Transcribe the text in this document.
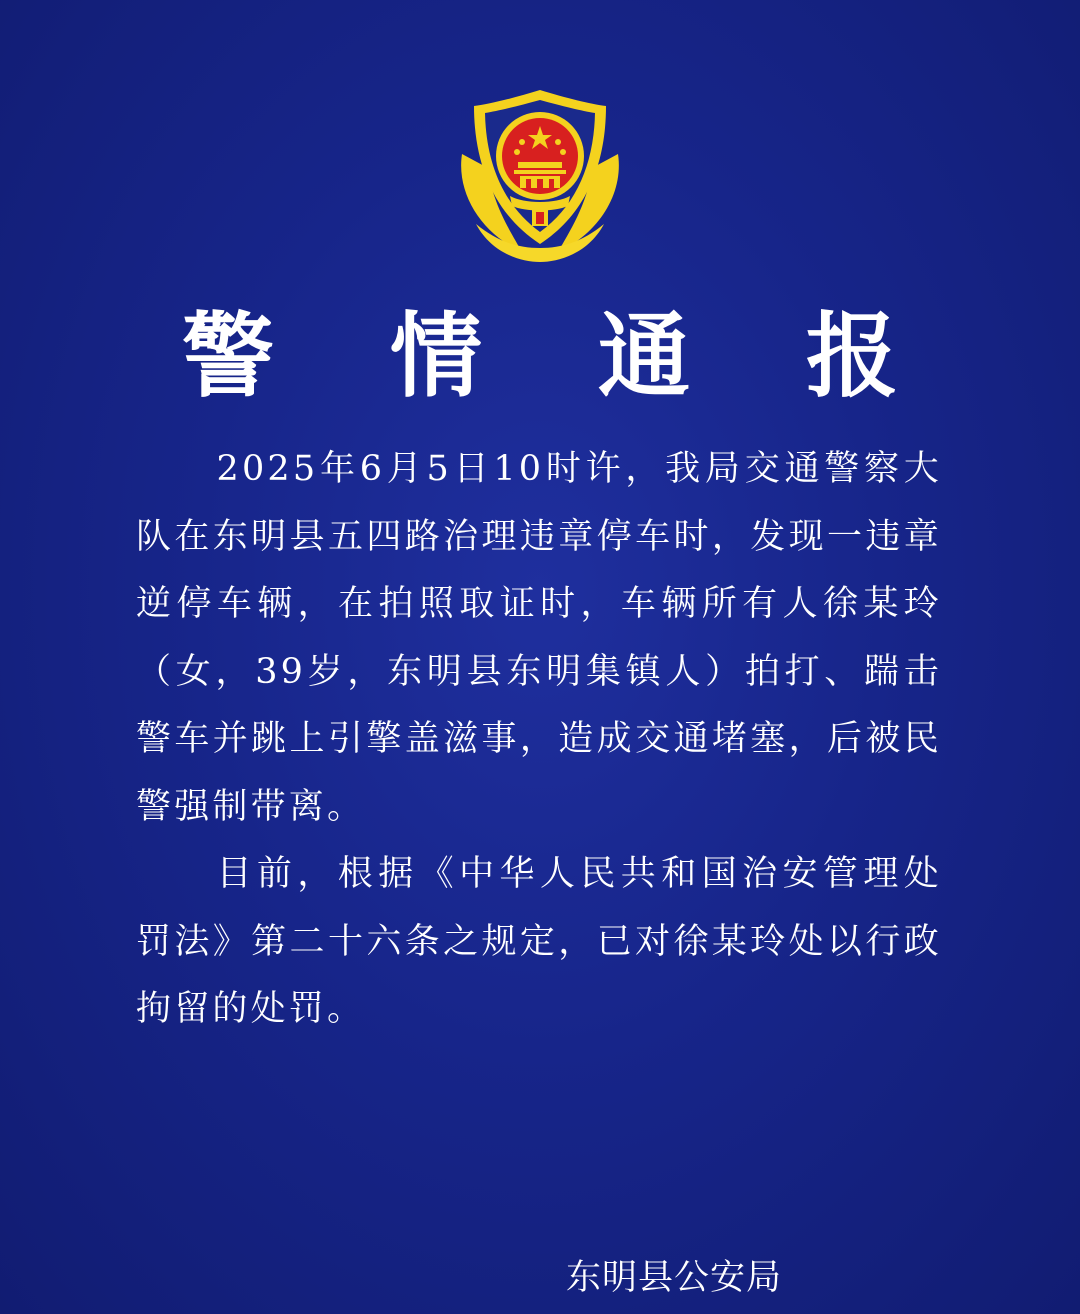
警 情 通 报

2025年6月5日10时许，我局交通警察大队在东明县五四路治理违章停车时，发现一违章逆停车辆，在拍照取证时，车辆所有人徐某玲（女，39岁，东明县东明集镇人）拍打、踹击警车并跳上引擎盖滋事，造成交通堵塞，后被民警强制带离。

目前，根据《中华人民共和国治安管理处罚法》第二十六条之规定，已对徐某玲处以行政拘留的处罚。

东明县公安局
